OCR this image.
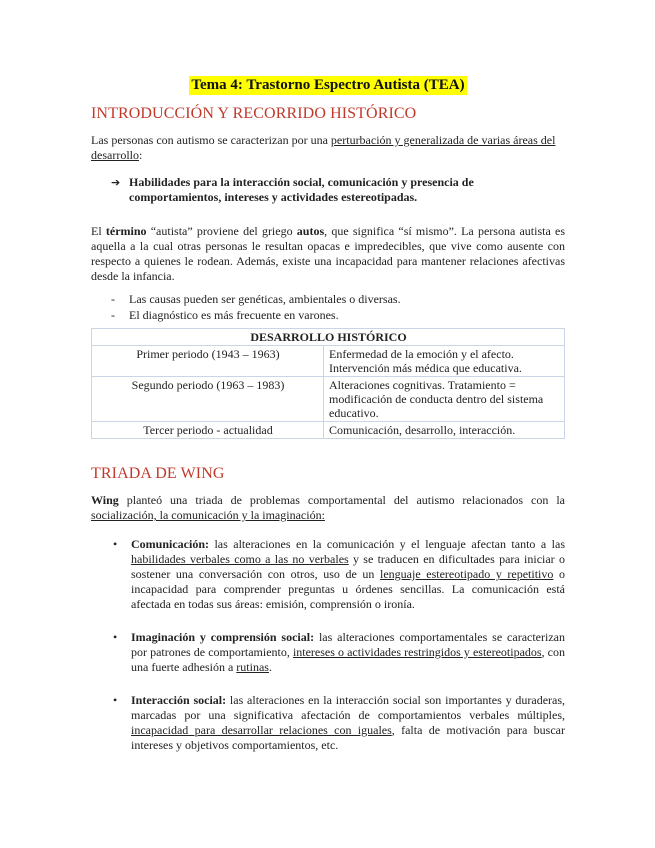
Tema 4: Trastorno Espectro Autista (TEA)
INTRODUCCIÓN Y RECORRIDO HISTÓRICO

Las personas con autismo se caracterizan por una perturbación y generalizada de varias áreas del desarrollo:

➔ Habilidades para la interacción social, comunicación y presencia de comportamientos, intereses y actividades estereotipadas.

El término “autista” proviene del griego autos, que significa “sí mismo”. La persona autista es aquella a la cual otras personas le resultan opacas e impredecibles, que vive como ausente con respecto a quienes le rodean. Además, existe una incapacidad para mantener relaciones afectivas desde la infancia.

-	Las causas pueden ser genéticas, ambientales o diversas.
-	El diagnóstico es más frecuente en varones.
DESARROLLO HISTÓRICO	
Primer periodo (1943 – 1963)	Enfermedad de la emoción y el afecto. Intervención más médica que educativa.
Segundo periodo (1963 – 1983)	Alteraciones cognitivas. Tratamiento = modificación de conducta dentro del sistema educativo.
Tercer periodo - actualidad	Comunicación, desarrollo, interacción.
TRIADA DE WING

Wing planteó una triada de problemas comportamental del autismo relacionados con la socialización, la comunicación y la imaginación:

•	Comunicación: las alteraciones en la comunicación y el lenguaje afectan tanto a las habilidades verbales como a las no verbales y se traducen en dificultades para iniciar o sostener una conversación con otros, uso de un lenguaje estereotipado y repetitivo o incapacidad para comprender preguntas u órdenes sencillas. La comunicación está afectada en todas sus áreas: emisión, comprensión o ironía.
•	Imaginación y comprensión social: las alteraciones comportamentales se caracterizan por patrones de comportamiento, intereses o actividades restringidos y estereotipados, con una fuerte adhesión a rutinas.
•	Interacción social: las alteraciones en la interacción social son importantes y duraderas, marcadas por una significativa afectación de comportamientos verbales múltiples, incapacidad para desarrollar relaciones con iguales, falta de motivación para buscar intereses y objetivos comportamientos, etc.
